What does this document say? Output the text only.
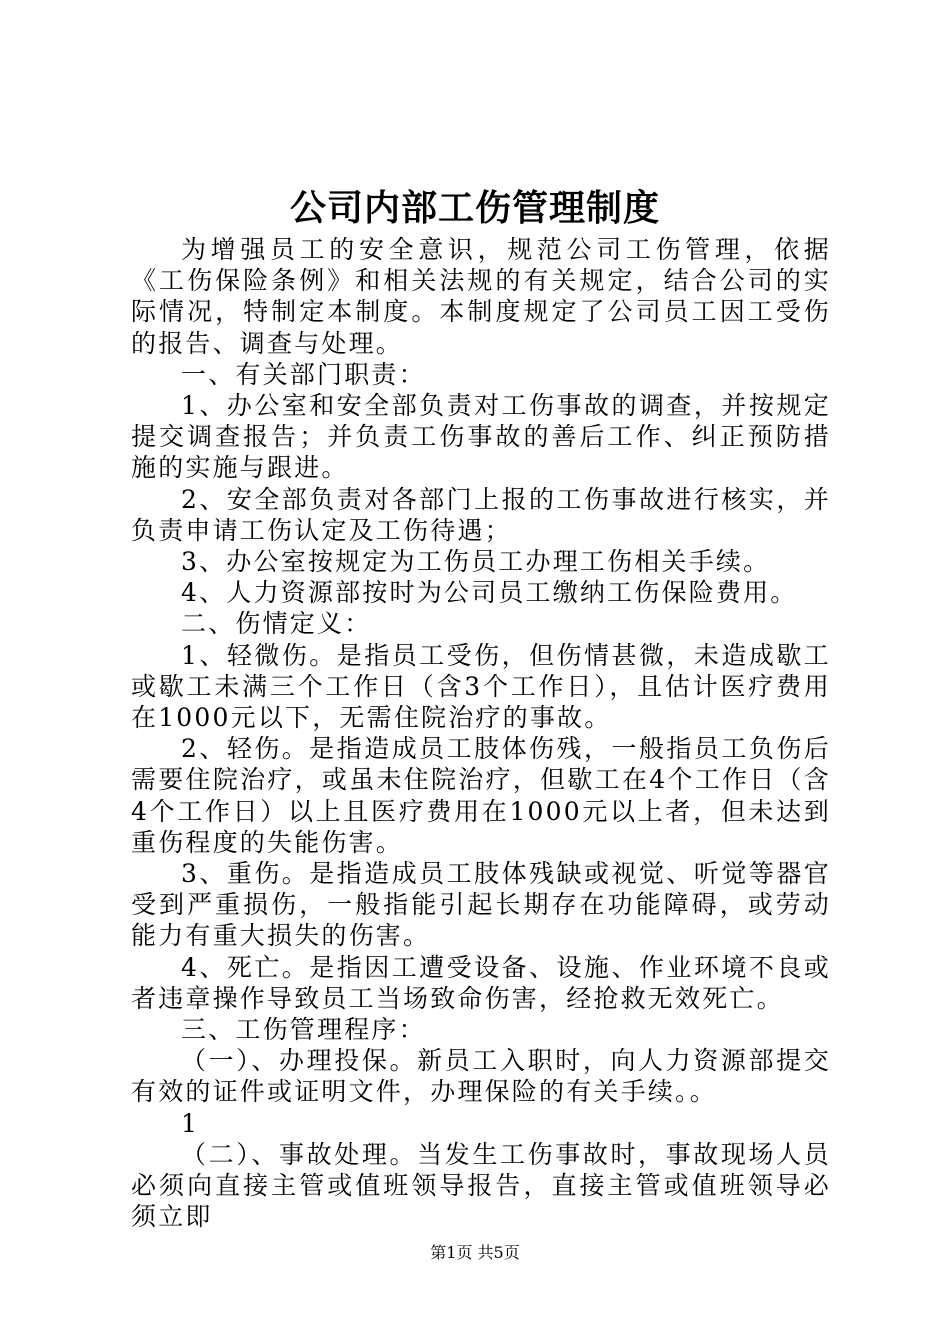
公司内部工伤管理制度

为增强员工的安全意识，规范公司工伤管理，依据《工伤保险条例》和相关法规的有关规定，结合公司的实际情况，特制定本制度。本制度规定了公司员工因工受伤的报告、调查与处理。

一、有关部门职责：

1、办公室和安全部负责对工伤事故的调查，并按规定提交调查报告；并负责工伤事故的善后工作、纠正预防措施的实施与跟进。

2、安全部负责对各部门上报的工伤事故进行核实，并负责申请工伤认定及工伤待遇；

3、办公室按规定为工伤员工办理工伤相关手续。

4、人力资源部按时为公司员工缴纳工伤保险费用。

二、伤情定义：

1、轻微伤。是指员工受伤，但伤情甚微，未造成歇工或歇工未满三个工作日（含3个工作日），且估计医疗费用在1000元以下，无需住院治疗的事故。

2、轻伤。是指造成员工肢体伤残，一般指员工负伤后需要住院治疗，或虽未住院治疗，但歇工在4个工作日（含4个工作日）以上且医疗费用在1000元以上者，但未达到重伤程度的失能伤害。

3、重伤。是指造成员工肢体残缺或视觉、听觉等器官受到严重损伤，一般指能引起长期存在功能障碍，或劳动能力有重大损失的伤害。

4、死亡。是指因工遭受设备、设施、作业环境不良或者违章操作导致员工当场致命伤害，经抢救无效死亡。

三、工伤管理程序：

（一）、办理投保。新员工入职时，向人力资源部提交有效的证件或证明文件，办理保险的有关手续。。

1

（二）、事故处理。当发生工伤事故时，事故现场人员必须向直接主管或值班领导报告，直接主管或值班领导必须立即

第1页 共5页
